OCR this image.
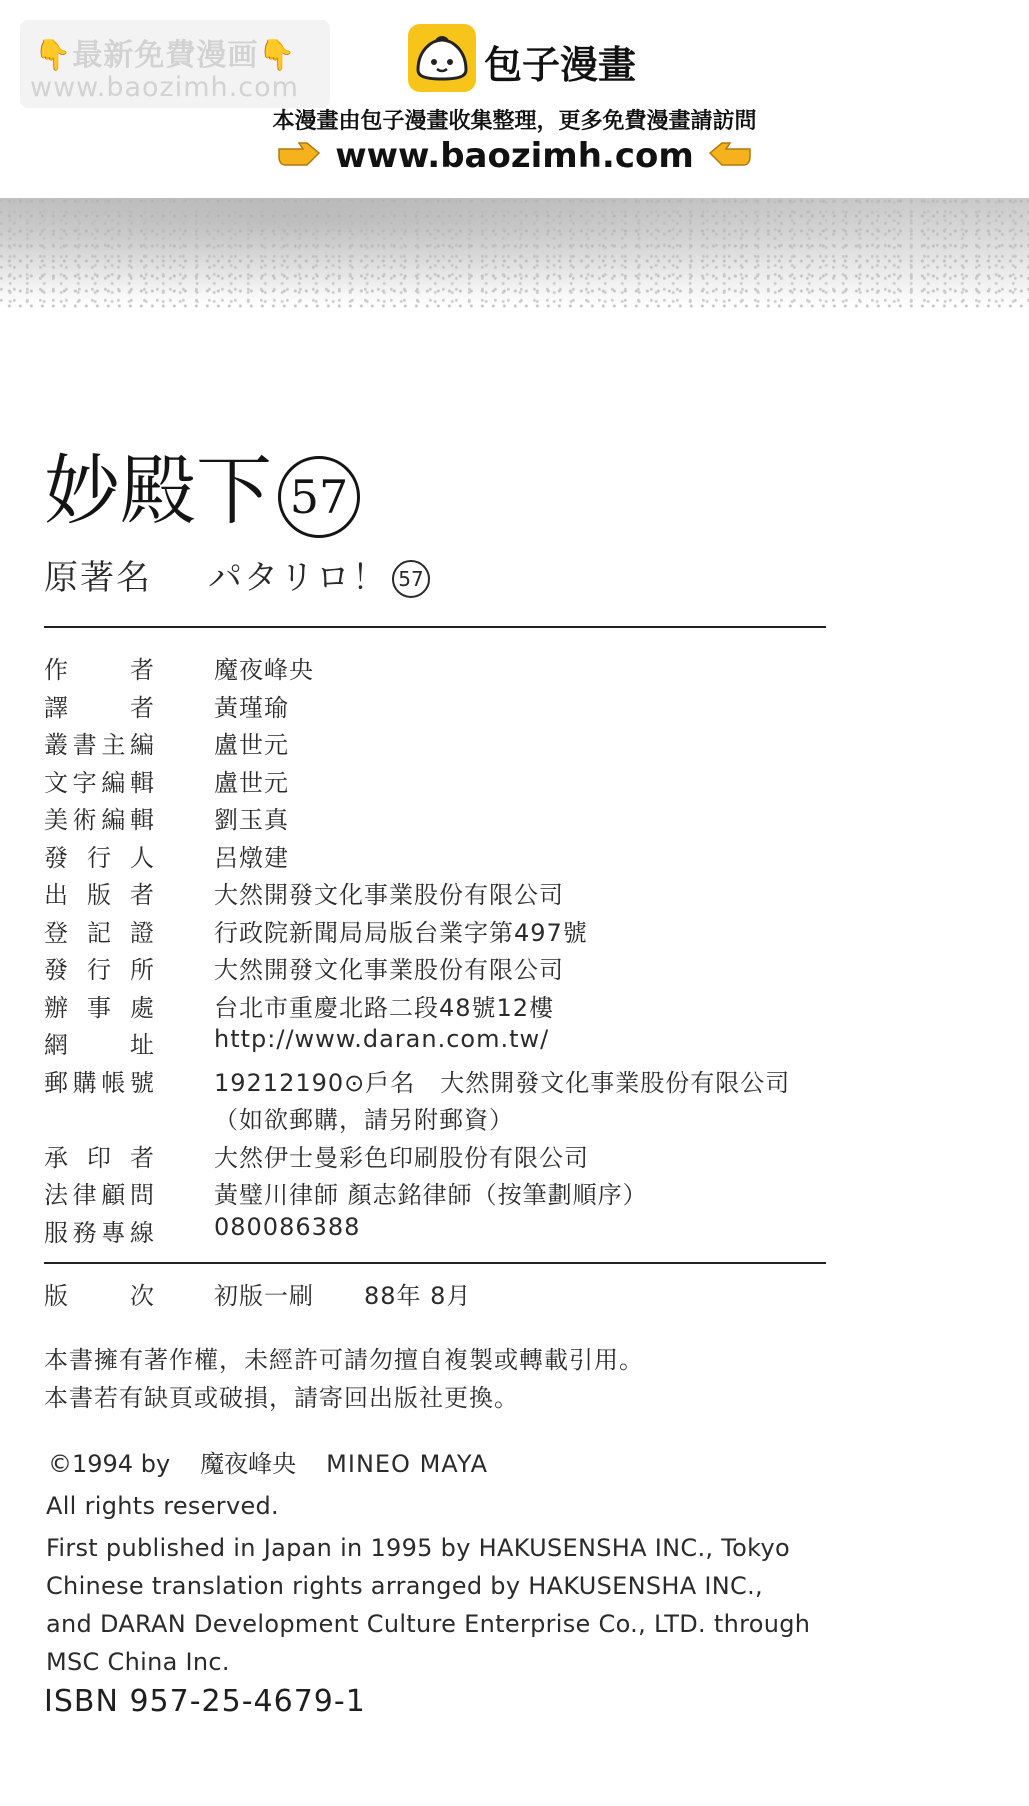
👇最新免費漫画👇
www.baozimh.com
包子漫畫
本漫畫由包子漫畫收集整理，更多免費漫畫請訪問
www.baozimh.com
妙殿下 57
原著名 パタリロ！ 57
作	者	魔夜峰央
譯	者	黃瑾瑜
叢 書 主 編	盧世元
文 字 編 輯	盧世元
美 術 編 輯	劉玉真
發 行 人	呂燉建
出 版 者	大然開發文化事業股份有限公司
登 記 證	行政院新聞局局版台業字第497號
發 行 所	大然開發文化事業股份有限公司
辦 事 處	台北市重慶北路二段48號12樓
網	址	http://www.daran.com.tw/
郵 購 帳 號	19212190⊙戶名　大然開發文化事業股份有限公司
（如欲郵購，請另附郵資）
承 印 者	大然伊士曼彩色印刷股份有限公司
法 律 顧 問	黃璧川律師 顏志銘律師（按筆劃順序）
服 務 專 線	080086388
版	次	初版一刷　　88年 8月
本書擁有著作權，未經許可請勿擅自複製或轉載引用。
本書若有缺頁或破損，請寄回出版社更換。
©1994 by 魔夜峰央 MINEO MAYA
All rights reserved.
First published in Japan in 1995 by HAKUSENSHA INC., Tokyo
Chinese translation rights arranged by HAKUSENSHA INC.,
and DARAN Development Culture Enterprise Co., LTD. through
MSC China Inc.
ISBN 957-25-4679-1
